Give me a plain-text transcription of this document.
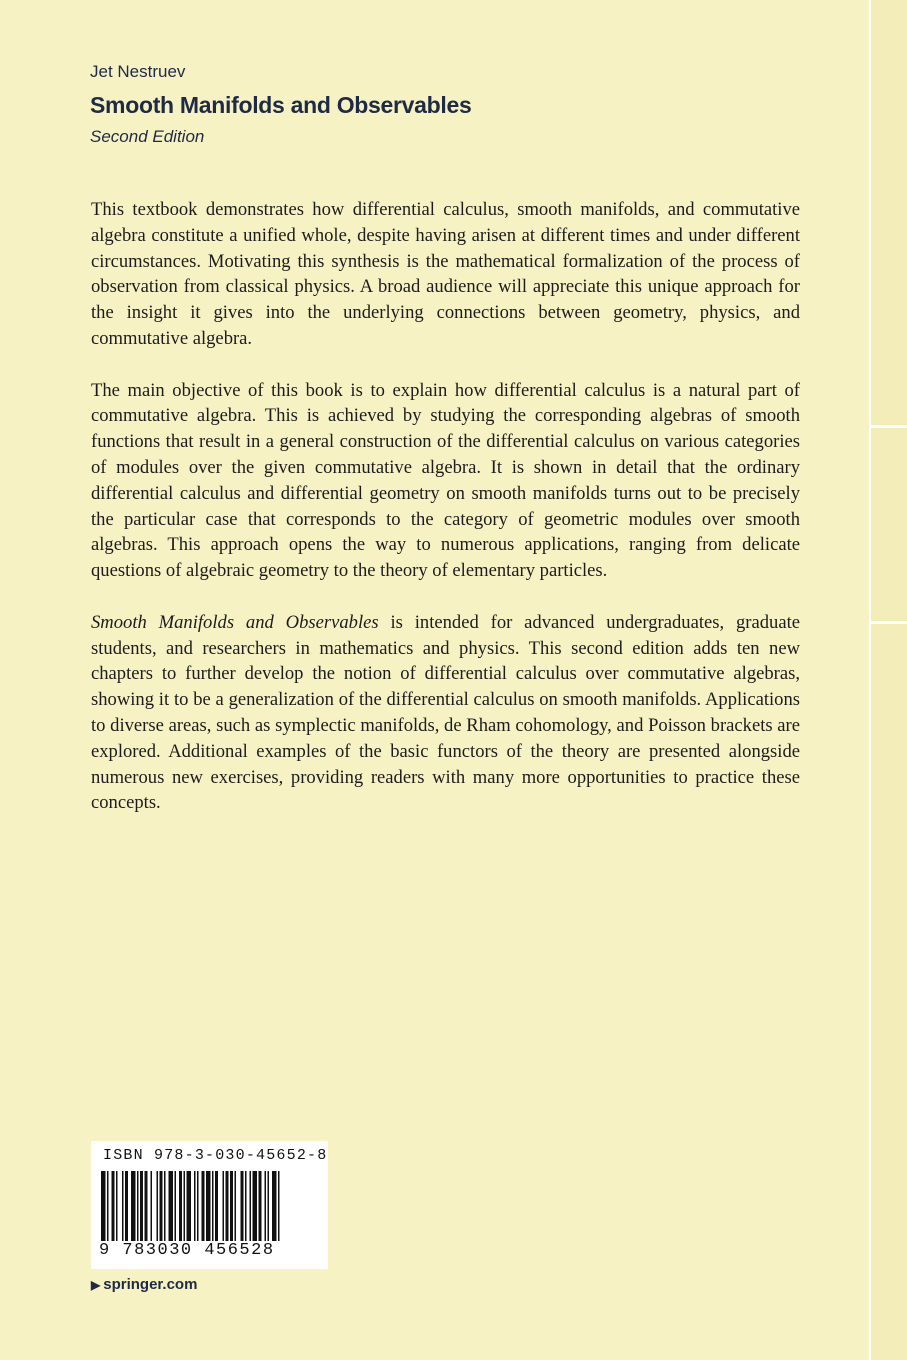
Jet Nestruev
Smooth Manifolds and Observables
Second Edition

This textbook demonstrates how differential calculus, smooth manifolds, and commutative algebra constitute a unified whole, despite having arisen at different times and under different circumstances. Motivating this synthesis is the mathematical formalization of the process of observation from classical physics. A broad audience will appreciate this unique approach for the insight it gives into the underlying connections between geometry, physics, and commutative algebra.

The main objective of this book is to explain how differential calculus is a natural part of commutative algebra. This is achieved by studying the corresponding algebras of smooth functions that result in a general construction of the differential calculus on various categories of modules over the given commutative algebra. It is shown in detail that the ordinary differential calculus and differential geometry on smooth manifolds turns out to be precisely the particular case that corresponds to the category of geometric modules over smooth algebras. This approach opens the way to numerous applications, ranging from delicate questions of algebraic geometry to the theory of elementary particles.

Smooth Manifolds and Observables is intended for advanced undergraduates, graduate students, and researchers in mathematics and physics. This second edition adds ten new chapters to further develop the notion of differential calculus over commutative algebras, showing it to be a generalization of the differential calculus on smooth manifolds. Applications to diverse areas, such as symplectic manifolds, de Rham cohomology, and Poisson brackets are explored. Additional examples of the basic functors of the theory are presented alongside numerous new exercises, providing readers with many more opportunities to practice these concepts.

ISBN 978-3-030-45652-8
9 783030 456528
▶ springer.com
